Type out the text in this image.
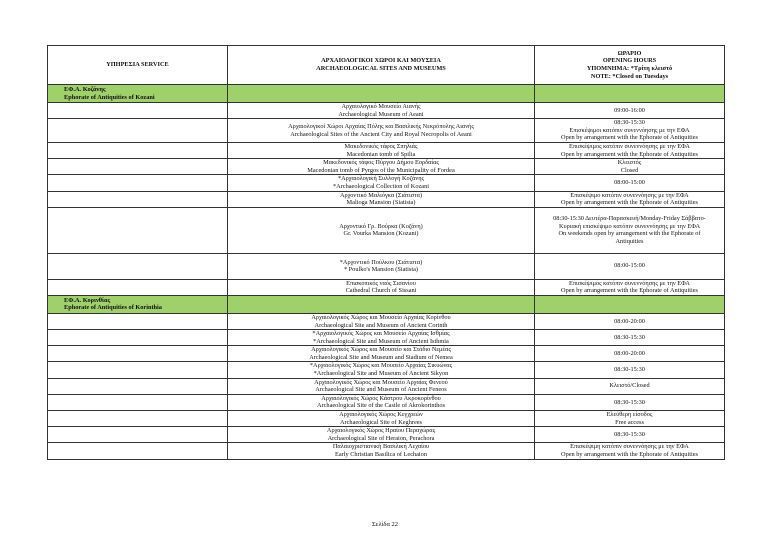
ΥΠΗΡΕΣΙΑ SERVICE	ΑΡΧΑΙΟΛΟΓΙΚΟΙ ΧΩΡΟΙ ΚΑΙ ΜΟΥΣΕΙΑ
ARCHAEOLOGICAL SITES AND MUSEUMS	ΩΡΑΡΙΟ
OPENING HOURS
ΥΠΟΜΝΗΜΑ: *Τρίτη κλειστό
NOTE: *Closed on Tuesdays

ΕΦ.Α. Κοζάνης
Ephorate of Antiquities of Kozani		

	Αρχαιολογικό Μουσείο Αιανής
Archaeological Museum of Aeani	09:00-16:00

	Αρχαιολογικοί Χώροι Αρχαίας Πόλης και Βασιλικής Νεκρόπολης Αιανής
Archaeological Sites of the Ancient City and Royal Necropolis of Aeani	08:30-15:30
Επισκέψιμοι κατόπιν συνεννόησης με την ΕΦΑ
Open by arrangement with the Ephorate of Antiquities

	Μακεδονικός τάφος Σπηλιάς
Macedonian tomb of Spilia	Επισκέψιμος κατόπιν συνεννόησης με την ΕΦΑ
Open by arrangement with the Ephorate of Antiquities

	Μακεδονικός τάφος Πύργου Δήμου Εορδαίας
Macedonian tomb of Pyrgos of the Municipality of Fordea	Κλειστός
Closed

	*Αρχαιολογική Συλλογή Κοζάνης
*Archaeological Collection of Kozani	08:00-15:00

	Αρχοντικό Μαλιόγκα (Σιάτιστα)
Malioga Mansion (Siatista)	Επισκέψιμο κατόπιν συνεννόησης με την ΕΦΑ
Open by arrangement with the Ephorate of Antiquities

	Αρχοντικό Γρ. Βούρκα (Κοζάνη)
Gr. Vourka Mansion (Kozani)	08:30-15:30 Δευτέρα-Παρασκευή/Monday-Friday Σάββατο-
Κυριακή επισκέψιμο κατόπιν συνεννόησης με την ΕΦΑ
On weekends open by arrangement with the Ephorate of
Antiquities

	*Αρχοντικό Πούλκου (Σιάτιστα)
* Poulko's Mansion (Siatista)	08:00-15:00

	Επισκοπικός ναός Σισανίου
Cathedral Church of Sissani	Επισκέψιμος κατόπιν συνεννόησης με την ΕΦΑ
Open by arrangement with the Ephorate of Antiquities

ΕΦ.Α. Κορινθίας
Ephorate of Antiquities of Korinthia		

	Αρχαιολογικός Χώρος και Μουσείο Αρχαίας Κορίνθου
Archaeological Site and Museum of Ancient Corinth	08:00-20:00

	*Αρχαιολογικός Χώρος και Μουσείο Αρχαίας Ισθμίας
*Archaeological Site and Museum of Ancient Isthmia	08:30-15:30

	Αρχαιολογικός Χώρος και Μουσείο και Στάδιο Νεμέας
Archaeological Site and Museum and Stadium of Nemea	08:00-20:00

	*Αρχαιολογικός Χώρος και Μουσείο Αρχαίας Σικυώνας
*Archaeological Site and Museum of Ancient Sikyon	08:30-15:30

	Αρχαιολογικός Χώρος και Μουσείο Αρχαίας Φενεού
Archaeological Site and Museum of Ancient Feneos	Κλειστό/Closed

	Αρχαιολογικός Χώρος Κάστρου Ακροκορίνθου
Archaeological Site of the Castle of Akrokorinthos	08:30-15:30

	Αρχαιολογικός Χώρος Κεγχρεών
Archaeological Site of Keghrees	Ελεύθερη είσοδος
Free access

	Αρχαιολογικός Χώρος Ηραίου Περαχώρας
Archaeological Site of Heraion, Perachora	08:30-15:30

	Παλαιοχριστιανική Βασιλική Λεχαίου
Early Christian Basilica of Lechaion	Επισκέψιμη κατόπιν συνεννόησης με την ΕΦΑ
Open by arrangement with the Ephorate of Antiquities
Σελίδα 22
